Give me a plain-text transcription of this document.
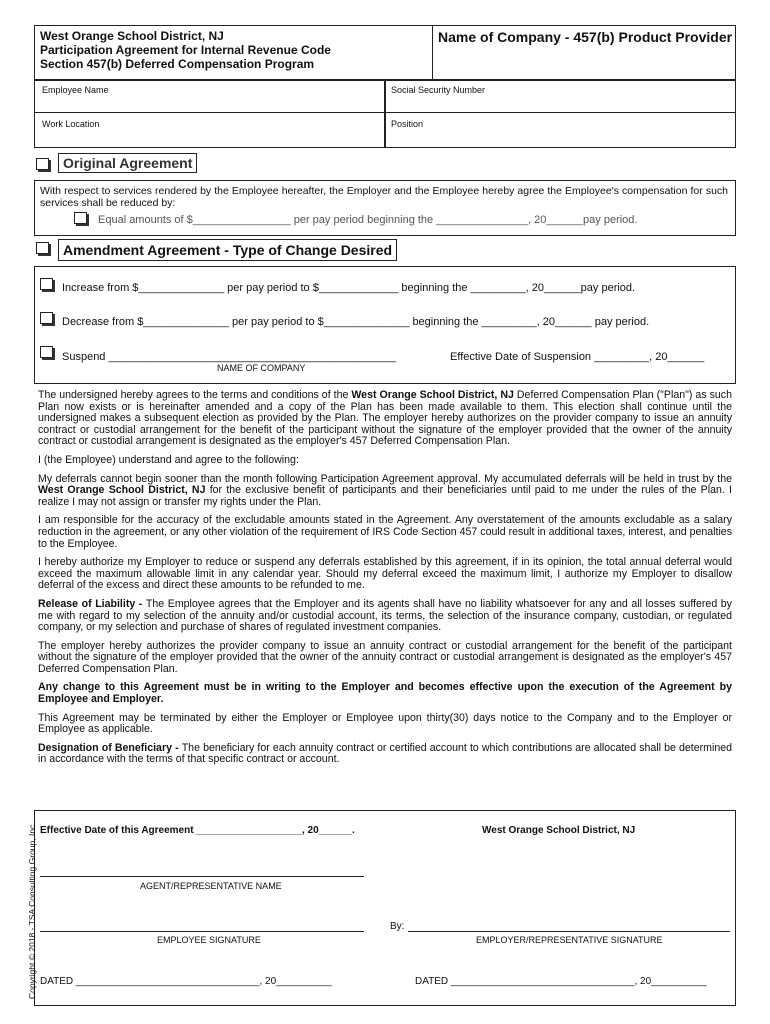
West Orange School District, NJ
Participation Agreement for Internal Revenue Code
Section 457(b) Deferred Compensation Program
Name of Company - 457(b) Product Provider
Employee Name	Social Security Number
Work Location	Position
Original Agreement
With respect to services rendered by the Employee hereafter, the Employer and the Employee hereby agree the Employee's compensation for such services shall be reduced by:
Equal amounts of $________________ per pay period beginning the _______________, 20______pay period.
Amendment Agreement - Type of Change Desired
Increase from $______________ per pay period to $_____________ beginning the _________, 20______pay period.
Decrease from $______________ per pay period to $______________ beginning the _________, 20______ pay period.
Suspend _______________________________________________	Effective Date of Suspension _________, 20______
NAME OF COMPANY

The undersigned hereby agrees to the terms and conditions of the West Orange School District, NJ Deferred Compensation Plan ("Plan") as such Plan now exists or is hereinafter amended and a copy of the Plan has been made available to them. This election shall continue until the undersigned makes a subsequent election as provided by the Plan. The employer hereby authorizes on the provider company to issue an annuity contract or custodial arrangement for the benefit of the participant without the signature of the employer provided that the owner of the annuity contract or custodial arrangement is designated as the employer's 457 Deferred Compensation Plan.

I (the Employee) understand and agree to the following:

My deferrals cannot begin sooner than the month following Participation Agreement approval. My accumulated deferrals will be held in trust by the West Orange School District, NJ for the exclusive benefit of participants and their beneficiaries until paid to me under the rules of the Plan. I realize I may not assign or transfer my rights under the Plan.

I am responsible for the accuracy of the excludable amounts stated in the Agreement. Any overstatement of the amounts excludable as a salary reduction in the agreement, or any other violation of the requirement of IRS Code Section 457 could result in additional taxes, interest, and penalties to the Employee.

I hereby authorize my Employer to reduce or suspend any deferrals established by this agreement, if in its opinion, the total annual deferral would exceed the maximum allowable limit in any calendar year. Should my deferral exceed the maximum limit, I authorize my Employer to disallow deferral of the excess and direct these amounts to be refunded to me.

Release of Liability - The Employee agrees that the Employer and its agents shall have no liability whatsoever for any and all losses suffered by me with regard to my selection of the annuity and/or custodial account, its terms, the selection of the insurance company, custodian, or regulated company, or my selection and purchase of shares of regulated investment companies.

The employer hereby authorizes the provider company to issue an annuity contract or custodial arrangement for the benefit of the participant without the signature of the employer provided that the owner of the annuity contract or custodial arrangement is designated as the employer's 457 Deferred Compensation Plan.

Any change to this Agreement must be in writing to the Employer and becomes effective upon the execution of the Agreement by Employee and Employer.

This Agreement may be terminated by either the Employer or Employee upon thirty(30) days notice to the Company and to the Employer or Employee as applicable.

Designation of Beneficiary - The beneficiary for each annuity contract or certified account to which contributions are allocated shall be determined in accordance with the terms of that specific contract or account.

Effective Date of this Agreement ___________________, 20______.	West Orange School District, NJ
AGENT/REPRESENTATIVE NAME
EMPLOYEE SIGNATURE
By:
EMPLOYER/REPRESENTATIVE SIGNATURE
DATED _________________________________, 20__________	DATED _________________________________, 20__________
Copyright © 2018 - TSA Consulting Group, Inc.
